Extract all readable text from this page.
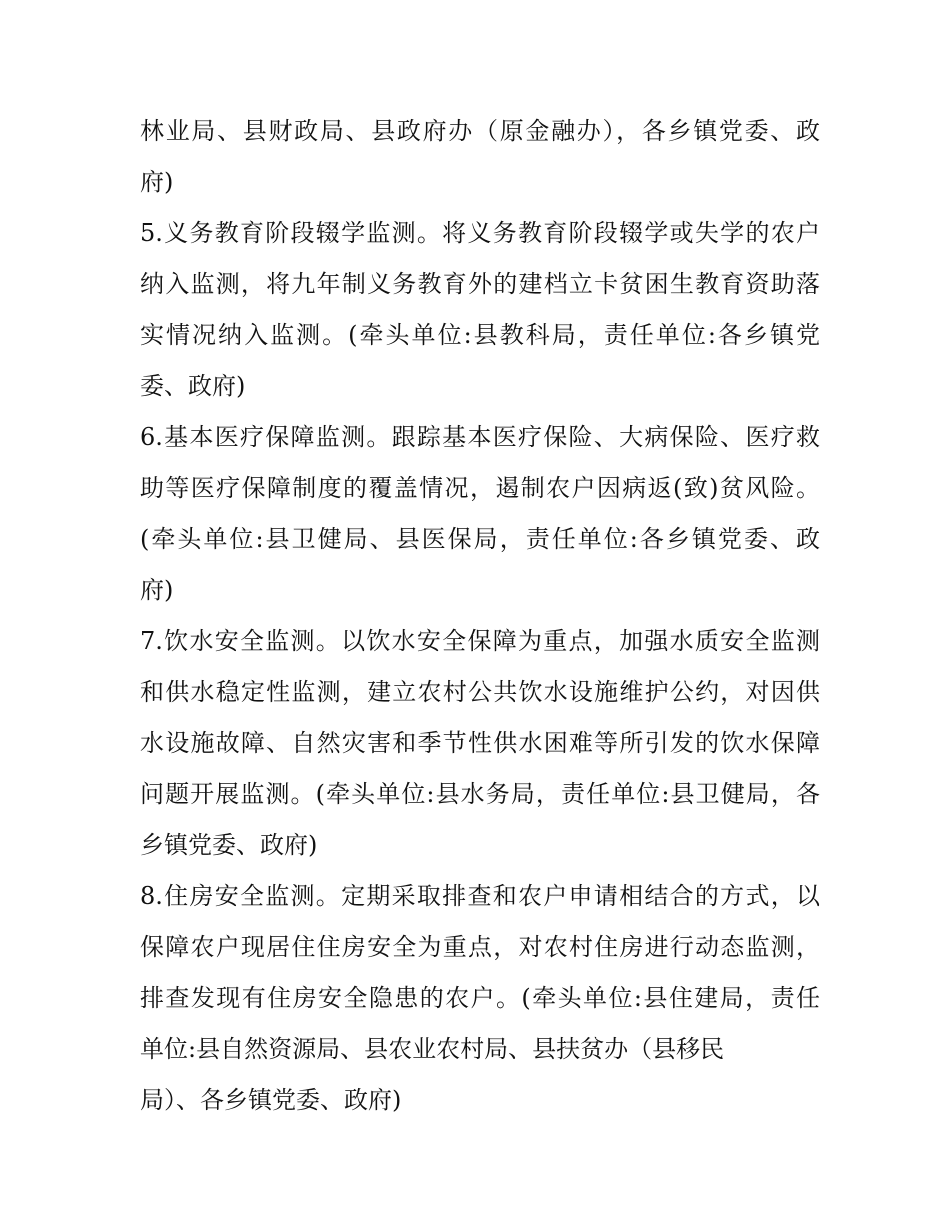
林业局、县财政局、县政府办（原金融办），各乡镇党委、政
府)
5.义务教育阶段辍学监测。将义务教育阶段辍学或失学的农户
纳入监测，将九年制义务教育外的建档立卡贫困生教育资助落
实情况纳入监测。(牵头单位:县教科局，责任单位:各乡镇党
委、政府)
6.基本医疗保障监测。跟踪基本医疗保险、大病保险、医疗救
助等医疗保障制度的覆盖情况，遏制农户因病返(致)贫风险。
(牵头单位:县卫健局、县医保局，责任单位:各乡镇党委、政
府)
7.饮水安全监测。以饮水安全保障为重点，加强水质安全监测
和供水稳定性监测，建立农村公共饮水设施维护公约，对因供
水设施故障、自然灾害和季节性供水困难等所引发的饮水保障
问题开展监测。(牵头单位:县水务局，责任单位:县卫健局，各
乡镇党委、政府)
8.住房安全监测。定期采取排查和农户申请相结合的方式，以
保障农户现居住住房安全为重点，对农村住房进行动态监测，
排查发现有住房安全隐患的农户。(牵头单位:县住建局，责任
单位:县自然资源局、县农业农村局、县扶贫办（县移民
局）、各乡镇党委、政府)
